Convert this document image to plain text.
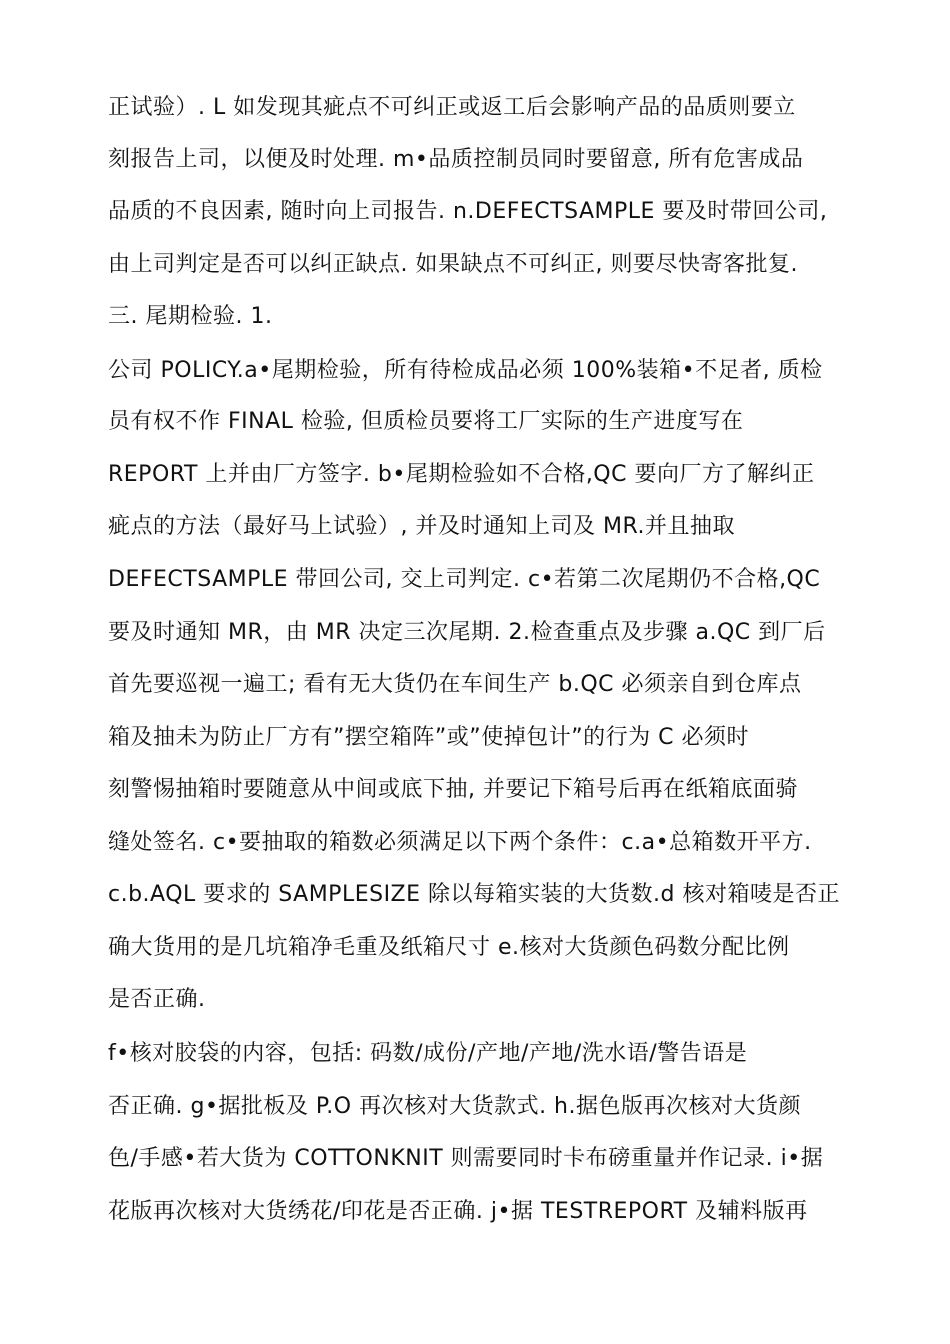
正试验）. L 如发现其疵点不可纠正或返工后会影响产品的品质则要立
刻报告上司，以便及时处理. m•品质控制员同时要留意, 所有危害成品
品质的不良因素, 随时向上司报告. n.DEFECTSAMPLE 要及时带回公司,
由上司判定是否可以纠正缺点. 如果缺点不可纠正, 则要尽快寄客批复.
三. 尾期检验. 1.
公司 POLICY.a•尾期检验，所有待检成品必须 100%装箱•不足者, 质检
员有权不作 FINAL 检验, 但质检员要将工厂实际的生产进度写在
REPORT 上并由厂方签字. b•尾期检验如不合格,QC 要向厂方了解纠正
疵点的方法（最好马上试验）, 并及时通知上司及 MR.并且抽取
DEFECTSAMPLE 带回公司, 交上司判定. c•若第二次尾期仍不合格,QC
要及时通知 MR，由 MR 决定三次尾期. 2.检查重点及步骤 a.QC 到厂后
首先要巡视一遍工; 看有无大货仍在车间生产 b.QC 必须亲自到仓库点
箱及抽未为防止厂方有”摆空箱阵”或”使掉包计”的行为 C 必须时
刻警惕抽箱时要随意从中间或底下抽, 并要记下箱号后再在纸箱底面骑
缝处签名. c•要抽取的箱数必须满足以下两个条件：c.a•总箱数开平方.
c.b.AQL 要求的 SAMPLESIZE 除以每箱实装的大货数.d 核对箱唛是否正
确大货用的是几坑箱净毛重及纸箱尺寸 e.核对大货颜色码数分配比例
是否正确.
f•核对胶袋的内容，包括: 码数/成份/产地/产地/洗水语/警告语是
否正确. g•据批板及 P.O 再次核对大货款式. h.据色版再次核对大货颜
色/手感•若大货为 COTTONKNIT 则需要同时卡布磅重量并作记录. i•据
花版再次核对大货绣花/印花是否正确. j•据 TESTREPORT 及辅料版再
